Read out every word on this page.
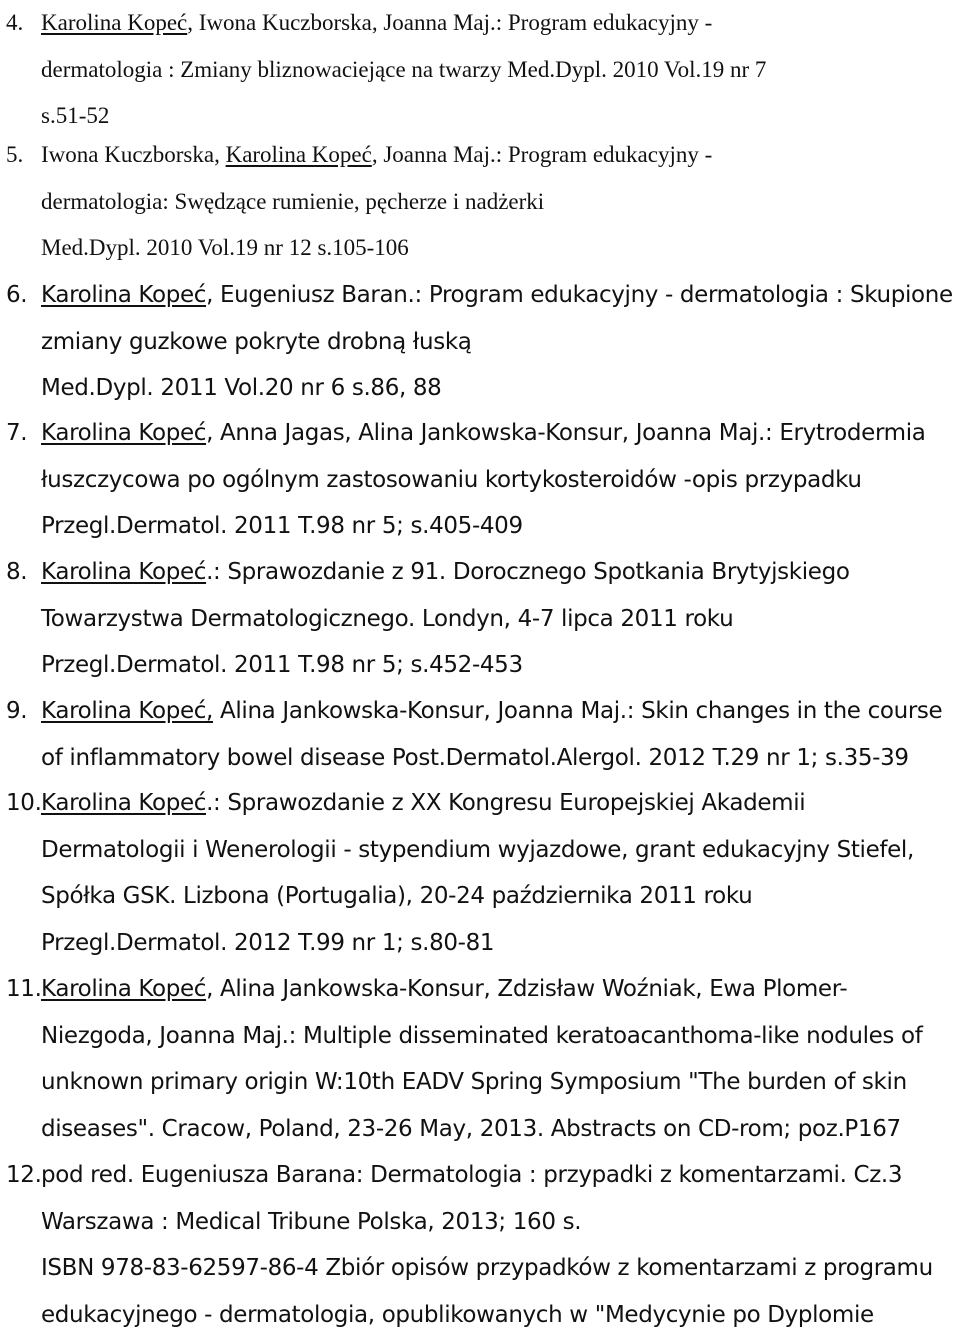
4. Karolina Kopeć, Iwona Kuczborska, Joanna Maj.: Program edukacyjny -
dermatologia : Zmiany bliznowaciejące na twarzy Med.Dypl. 2010 Vol.19 nr 7
s.51-52
5. Iwona Kuczborska, Karolina Kopeć, Joanna Maj.: Program edukacyjny -
dermatologia: Swędzące rumienie, pęcherze i nadżerki
Med.Dypl. 2010 Vol.19 nr 12 s.105-106
6. Karolina Kopeć, Eugeniusz Baran.: Program edukacyjny - dermatologia : Skupione
zmiany guzkowe pokryte drobną łuską
Med.Dypl. 2011 Vol.20 nr 6 s.86, 88
7. Karolina Kopeć, Anna Jagas, Alina Jankowska-Konsur, Joanna Maj.: Erytrodermia
łuszczycowa po ogólnym zastosowaniu kortykosteroidów -opis przypadku
Przegl.Dermatol. 2011 T.98 nr 5; s.405-409
8. Karolina Kopeć.: Sprawozdanie z 91. Dorocznego Spotkania Brytyjskiego
Towarzystwa Dermatologicznego. Londyn, 4-7 lipca 2011 roku
Przegl.Dermatol. 2011 T.98 nr 5; s.452-453
9. Karolina Kopeć, Alina Jankowska-Konsur, Joanna Maj.: Skin changes in the course
of inflammatory bowel disease Post.Dermatol.Alergol. 2012 T.29 nr 1; s.35-39
10. Karolina Kopeć.: Sprawozdanie z XX Kongresu Europejskiej Akademii
Dermatologii i Wenerologii - stypendium wyjazdowe, grant edukacyjny Stiefel,
Spółka GSK. Lizbona (Portugalia), 20-24 października 2011 roku
Przegl.Dermatol. 2012 T.99 nr 1; s.80-81
11. Karolina Kopeć, Alina Jankowska-Konsur, Zdzisław Woźniak, Ewa Plomer-
Niezgoda, Joanna Maj.: Multiple disseminated keratoacanthoma-like nodules of
unknown primary origin W:10th EADV Spring Symposium "The burden of skin
diseases". Cracow, Poland, 23-26 May, 2013. Abstracts on CD-rom; poz.P167
12. pod red. Eugeniusza Barana: Dermatologia : przypadki z komentarzami. Cz.3
Warszawa : Medical Tribune Polska, 2013; 160 s.
ISBN 978-83-62597-86-4 Zbiór opisów przypadków z komentarzami z programu
edukacyjnego - dermatologia, opublikowanych w "Medycynie po Dyplomie
